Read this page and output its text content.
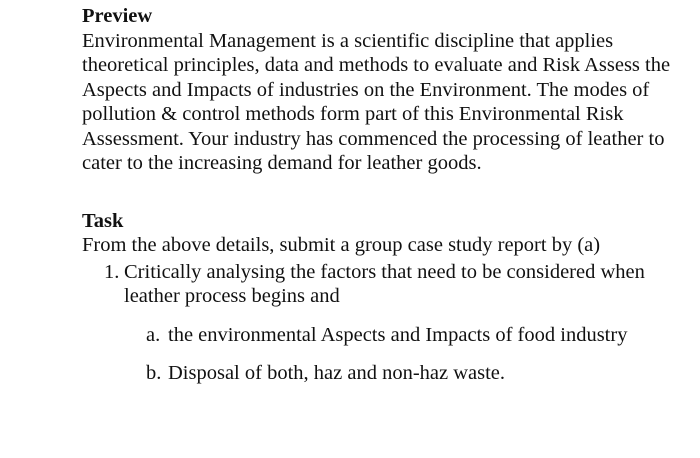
Preview

Environmental Management is a scientific discipline that applies theoretical principles, data and methods to evaluate and Risk Assess the Aspects and Impacts of industries on the Environment. The modes of pollution & control methods form part of this Environmental Risk Assessment. Your industry has commenced the processing of leather to cater to the increasing demand for leather goods.

Task

From the above details, submit a group case study report by (a)

1. Critically analysing the factors that need to be considered when leather process begins and
a. the environmental Aspects and Impacts of food industry
b. Disposal of both, haz and non-haz waste.
